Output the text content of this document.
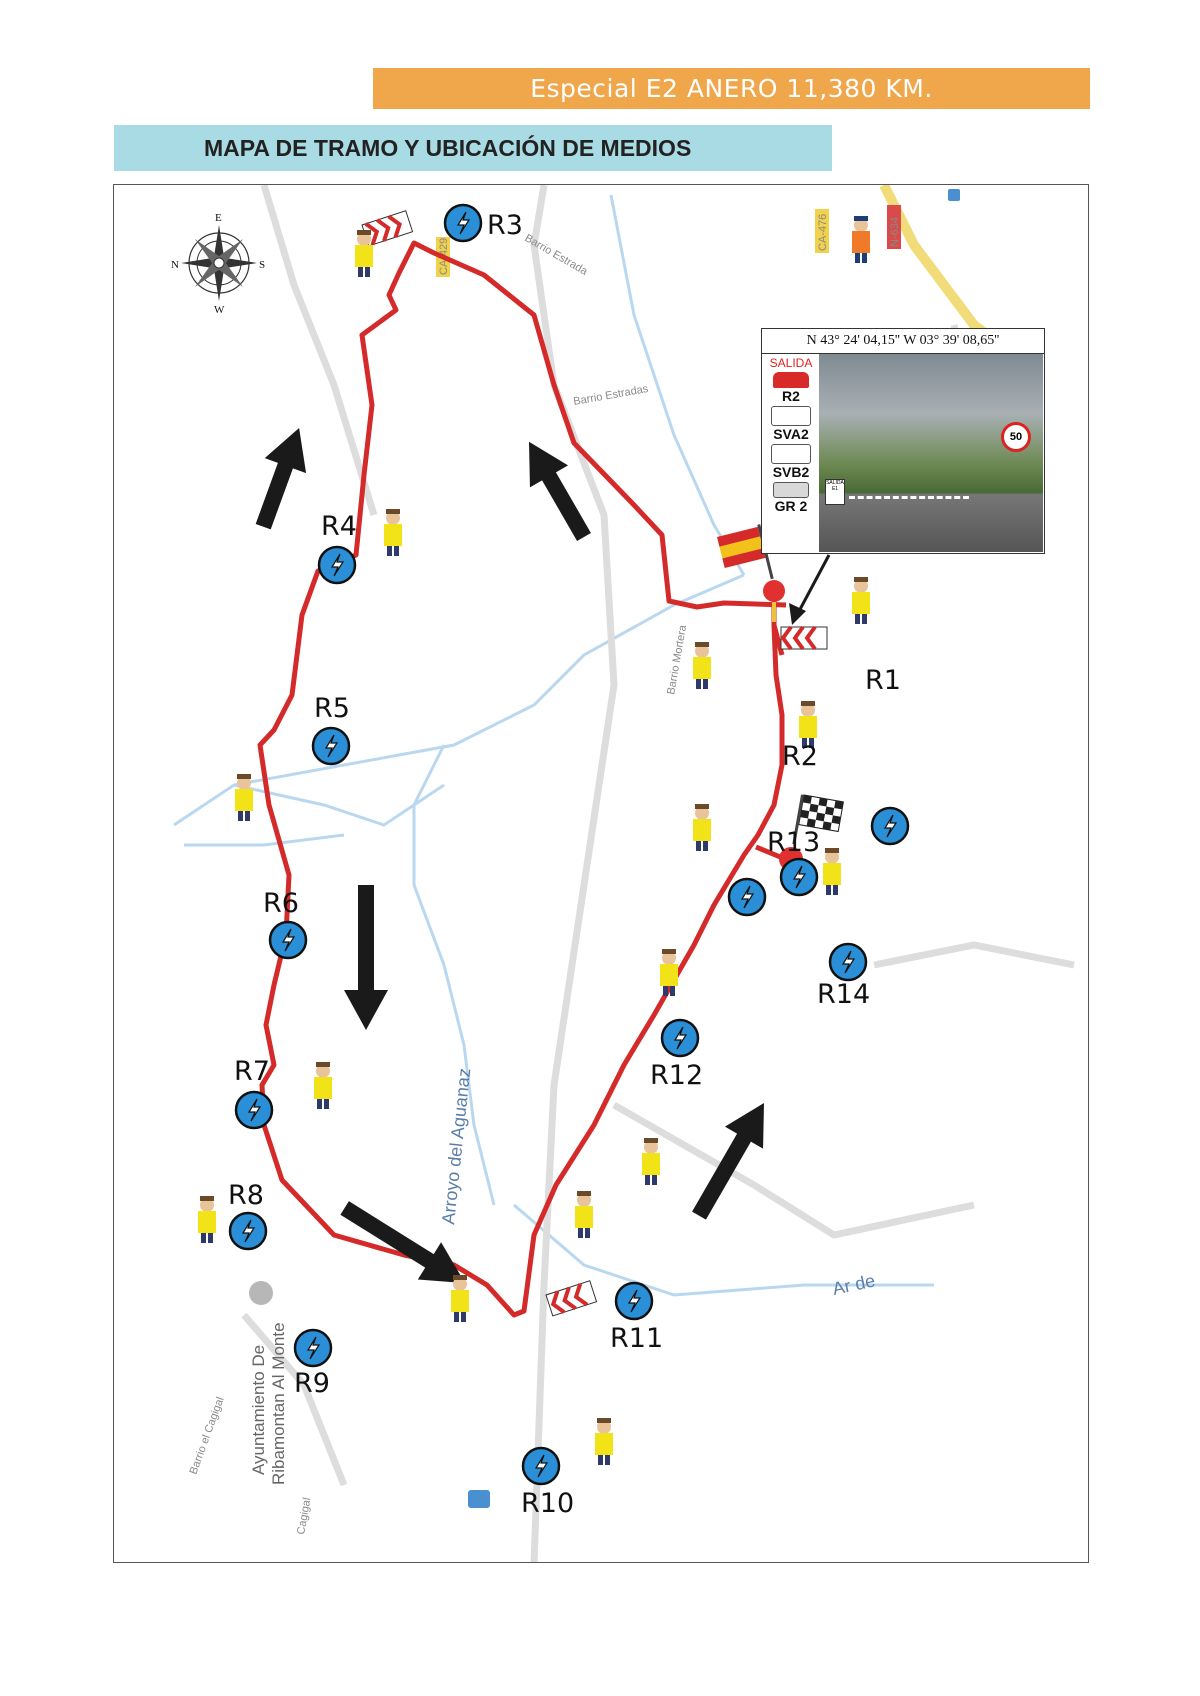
Especial E2 ANERO 11,380 KM.
MAPA DE TRAMO Y UBICACIÓN DE MEDIOS
CA-476	N-634
CA-429	Barrio Estrada
Barrio Estradas
Barrio Mortera
Arroyo del Aguanaz
Barrio el Cagigal
Cagigal
Ar de
Ayuntamiento De Ribamontan Al Monte
N	S
E
W
R1
R2
R3
R4
R5
R6
R7
R8
R9
R10
R11
R12
R13
R14
N 43° 24' 04,15'' W 03° 39' 08,65''
SALIDA
R2
SVA2
SVB2
GR 2
50
SALIDA E1
